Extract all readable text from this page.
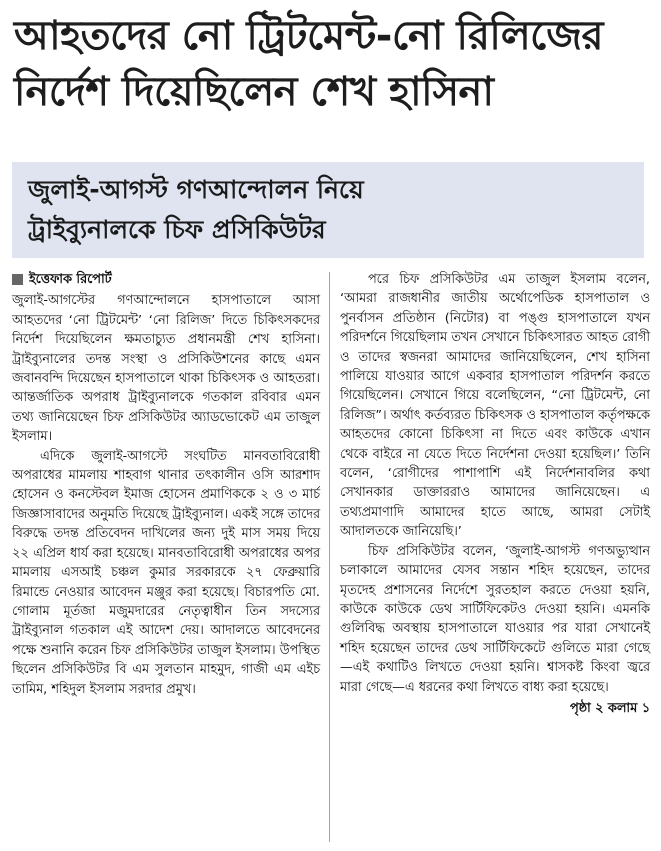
আহতদের নো ট্রিটমেন্ট-নো রিলিজের
নির্দেশ দিয়েছিলেন শেখ হাসিনা
জুলাই-আগস্ট গণআন্দোলন নিয়ে
ট্রাইব্যুনালকে চিফ প্রসিকিউটর
ইত্তেফাক রিপোর্ট

জুলাই-আগস্টের গণআন্দোলনে হাসপাতালে আসা আহতদের ‘নো ট্রিটমেন্ট’ ‘নো রিলিজ’ দিতে চিকিৎসকদের নির্দেশ দিয়েছিলেন ক্ষমতাচ্যুত প্রধানমন্ত্রী শেখ হাসিনা। ট্রাইব্যুনালের তদন্ত সংস্থা ও প্রসিকিউশনের কাছে এমন জবানবন্দি দিয়েছেন হাসপাতালে থাকা চিকিৎসক ও আহতরা। আন্তর্জাতিক অপরাধ ট্রাইব্যুনালকে গতকাল রবিবার এমন তথ্য জানিয়েছেন চিফ প্রসিকিউটর অ্যাডভোকেট এম তাজুল ইসলাম।

এদিকে জুলাই-আগস্টে সংঘটিত মানবতাবিরোধী অপরাধের মামলায় শাহবাগ থানার তৎকালীন ওসি আরশাদ হোসেন ও কনস্টেবল ইমাজ হোসেন প্রমাণিককে ২ ও ৩ মার্চ জিজ্ঞাসাবাদের অনুমতি দিয়েছে ট্রাইব্যুনাল। একই সঙ্গে তাদের বিরুদ্ধে তদন্ত প্রতিবেদন দাখিলের জন্য দুই মাস সময় দিয়ে ২২ এপ্রিল ধার্য করা হয়েছে। মানবতাবিরোধী অপরাধের অপর মামলায় এসআই চঞ্চল কুমার সরকারকে ২৭ ফেব্রুয়ারি রিমান্ডে নেওয়ার আবেদন মঞ্জুর করা হয়েছে। বিচারপতি মো. গোলাম মূর্তজা মজুমদারের নেতৃত্বাধীন তিন সদস্যের ট্রাইব্যুনাল গতকাল এই আদেশ দেয়। আদালতে আবেদনের পক্ষে শুনানি করেন চিফ প্রসিকিউটর তাজুল ইসলাম। উপস্থিত ছিলেন প্রসিকিউটর বি এম সুলতান মাহমুদ, গাজী এম এইচ তামিম, শহিদুল ইসলাম সরদার প্রমুখ।

পরে চিফ প্রসিকিউটর এম তাজুল ইসলাম বলেন, ‘আমরা রাজধানীর জাতীয় অর্থোপেডিক হাসপাতাল ও পুনর্বাসন প্রতিষ্ঠান (নিটোর) বা পঙ্গু হাসপাতালে যখন পরিদর্শনে গিয়েছিলাম তখন সেখানে চিকিৎসারত আহত রোগী ও তাদের স্বজনরা আমাদের জানিয়েছিলেন, শেখ হাসিনা পালিয়ে যাওয়ার আগে একবার হাসপাতাল পরিদর্শন করতে গিয়েছিলেন। সেখানে গিয়ে বলেছিলেন, “নো ট্রিটমেন্ট, নো রিলিজ”। অর্থাৎ কর্তব্যরত চিকিৎসক ও হাসপাতাল কর্তৃপক্ষকে আহতদের কোনো চিকিৎসা না দিতে এবং কাউকে এখান থেকে বাইরে না যেতে দিতে নির্দেশনা দেওয়া হয়েছিল।’ তিনি বলেন, ‘রোগীদের পাশাপাশি এই নির্দেশনাবলির কথা সেখানকার ডাক্তাররাও আমাদের জানিয়েছেন। এ তথ্যপ্রমাণাদি আমাদের হাতে আছে, আমরা সেটাই আদালতকে জানিয়েছি।’

চিফ প্রসিকিউটর বলেন, ‘জুলাই-আগস্ট গণঅভ্যুত্থান চলাকালে আমাদের যেসব সন্তান শহিদ হয়েছেন, তাদের মৃতদেহ প্রশাসনের নির্দেশে সুরতহাল করতে দেওয়া হয়নি, কাউকে কাউকে ডেথ সার্টিফিকেটও দেওয়া হয়নি। এমনকি গুলিবিদ্ধ অবস্থায় হাসপাতালে যাওয়ার পর যারা সেখানেই শহিদ হয়েছেন তাদের ডেথ সার্টিফিকেটে গুলিতে মারা গেছে—এই কথাটিও লিখতে দেওয়া হয়নি। শ্বাসকষ্ট কিংবা জ্বরে মারা গেছে—এ ধরনের কথা লিখতে বাধ্য করা হয়েছে।

পৃষ্ঠা ২ কলাম ১
